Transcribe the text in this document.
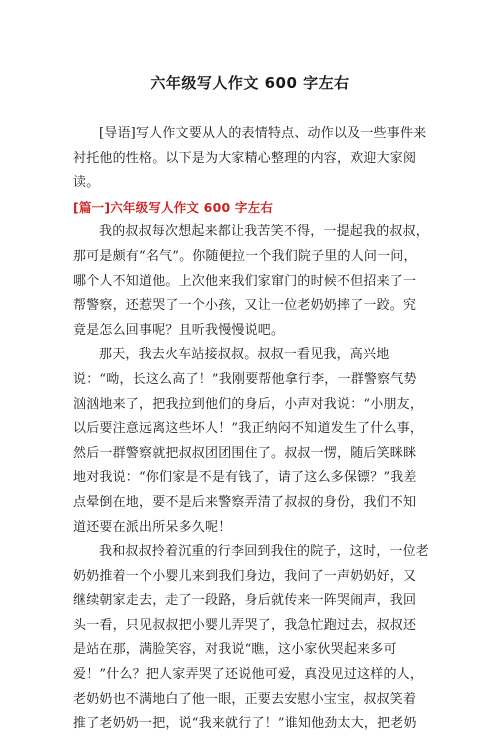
六年级写人作文 600 字左右

[导语]写人作文要从人的表情特点、动作以及一些事件来衬托他的性格。以下是为大家精心整理的内容，欢迎大家阅读。

[篇一]六年级写人作文 600 字左右

我的叔叔每次想起来都让我苦笑不得，一提起我的叔叔，那可是颇有“名气”。你随便拉一个我们院子里的人问一问，哪个人不知道他。上次他来我们家窜门的时候不但招来了一帮警察，还惹哭了一个小孩，又让一位老奶奶摔了一跤。究竟是怎么回事呢？且听我慢慢说吧。

那天，我去火车站接叔叔。叔叔一看见我，高兴地说：“呦，长这么高了！”我刚要帮他拿行李，一群警察气势汹汹地来了，把我拉到他们的身后，小声对我说：“小朋友，以后要注意远离这些坏人！”我正纳闷不知道发生了什么事，然后一群警察就把叔叔团团围住了。叔叔一愣，随后笑眯眯地对我说：“你们家是不是有钱了，请了这么多保镖？”我差点晕倒在地，要不是后来警察弄清了叔叔的身份，我们不知道还要在派出所呆多久呢！

我和叔叔拎着沉重的行李回到我住的院子，这时，一位老奶奶推着一个小婴儿来到我们身边，我问了一声奶奶好，又继续朝家走去，走了一段路，身后就传来一阵哭闹声，我回头一看，只见叔叔把小婴儿弄哭了，我急忙跑过去，叔叔还是站在那，满脸笑容，对我说“瞧，这小家伙哭起来多可爱！”什么？把人家弄哭了还说他可爱，真没见过这样的人，老奶奶也不满地白了他一眼，正要去安慰小宝宝，叔叔笑着推了老奶奶一把，说“我来就行了！”谁知他劲太大，把老奶
